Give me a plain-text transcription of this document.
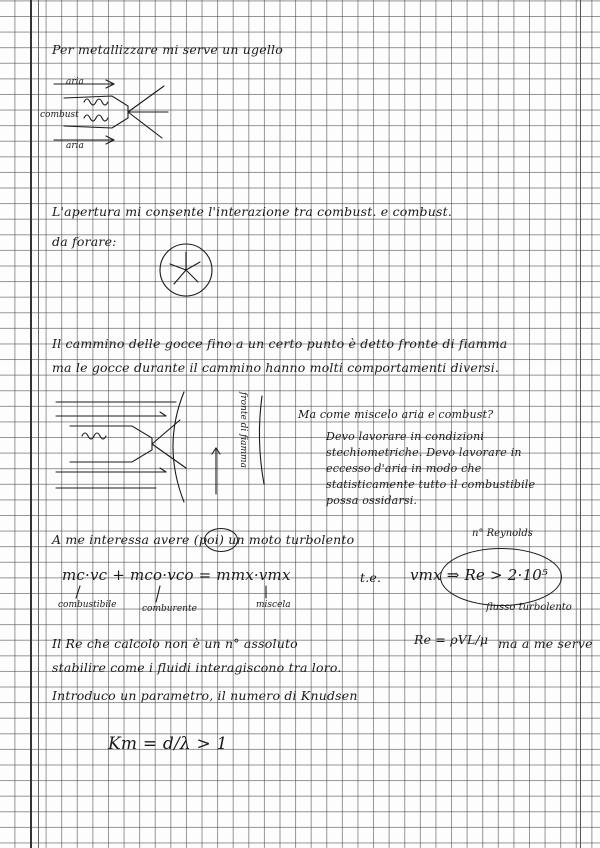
Per metallizzare mi serve un ugello
aria
combust
aria
L'apertura mi consente l'interazione tra combust. e combust.
da forare:
Il cammino delle gocce fino a un certo punto è detto fronte di fiamma
ma le gocce durante il cammino hanno molti comportamenti diversi.
fronte di fiamma	Ma come miscelo aria e combust?
Devo lavorare in condizioni
stechiometriche. Devo lavorare in
eccesso d'aria in modo che
statisticamente tutto il combustibile
possa ossidarsi.
A me interessa avere (poi) un moto turbolento	n° Reynolds
mc·vc + mco·vco = mmx·vmx	t.e. vmx ⇒ Re > 2·10⁵
combustibile	comburente	miscela	flusso turbolento
Il Re che calcolo non è un n° assoluto	Re = ρVL/μ ma a me serve
stabilire come i fluidi interagiscono tra loro.
Introduco un parametro, il numero di Knudsen
Km = d/λ > 1
